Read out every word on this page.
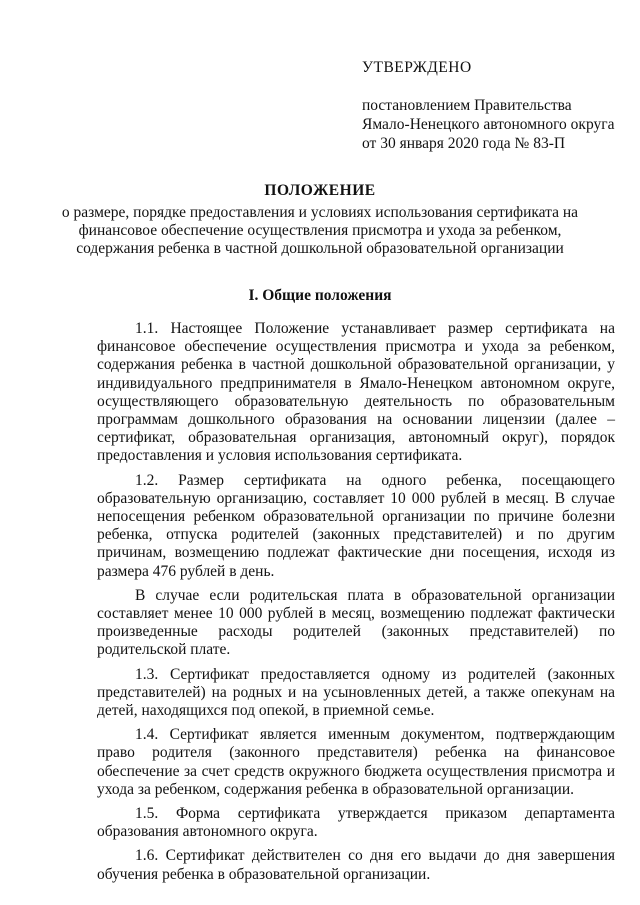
УТВЕРЖДЕНО
постановлением Правительства
Ямало-Ненецкого автономного округа
от 30 января 2020 года № 83-П
ПОЛОЖЕНИЕ
о размере, порядке предоставления и условиях использования сертификата на финансовое обеспечение осуществления присмотра и ухода за ребенком, содержания ребенка в частной дошкольной образовательной организации
I. Общие положения

1.1. Настоящее Положение устанавливает размер сертификата на финансовое обеспечение осуществления присмотра и ухода за ребенком, содержания ребенка в частной дошкольной образовательной организации, у индивидуального предпринимателя в Ямало-Ненецком автономном округе, осуществляющего образовательную деятельность по образовательным программам дошкольного образования на основании лицензии (далее – сертификат, образовательная организация, автономный округ), порядок предоставления и условия использования сертификата.

1.2. Размер сертификата на одного ребенка, посещающего образовательную организацию, составляет 10 000 рублей в месяц. В случае непосещения ребенком образовательной организации по причине болезни ребенка, отпуска родителей (законных представителей) и по другим причинам, возмещению подлежат фактические дни посещения, исходя из размера 476 рублей в день.

В случае если родительская плата в образовательной организации составляет менее 10 000 рублей в месяц, возмещению подлежат фактически произведенные расходы родителей (законных представителей) по родительской плате.

1.3. Сертификат предоставляется одному из родителей (законных представителей) на родных и на усыновленных детей, а также опекунам на детей, находящихся под опекой, в приемной семье.

1.4. Сертификат является именным документом, подтверждающим право родителя (законного представителя) ребенка на финансовое обеспечение за счет средств окружного бюджета осуществления присмотра и ухода за ребенком, содержания ребенка в образовательной организации.

1.5. Форма сертификата утверждается приказом департамента образования автономного округа.

1.6. Сертификат действителен со дня его выдачи до дня завершения обучения ребенка в образовательной организации.
